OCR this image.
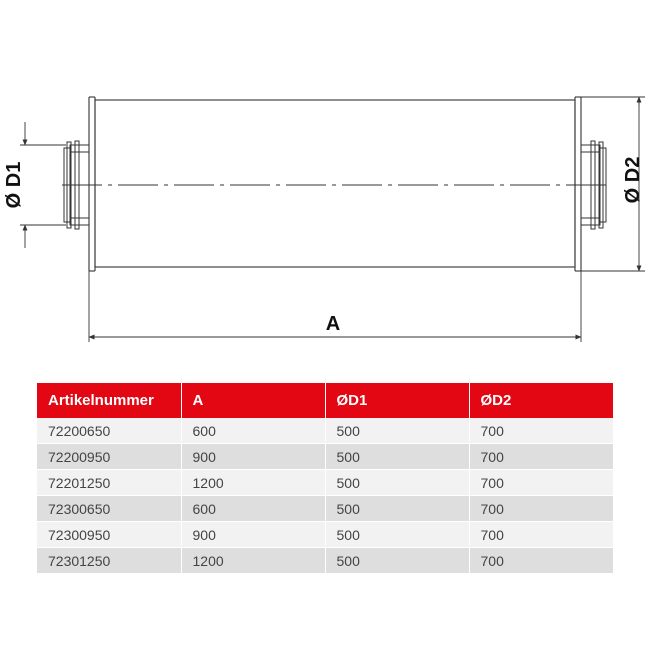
Ø D1	Ø D2
A
Artikelnummer	A	ØD1	ØD2
72200650	600	500	700
72200950	900	500	700
72201250	1200	500	700
72300650	600	500	700
72300950	900	500	700
72301250	1200	500	700
